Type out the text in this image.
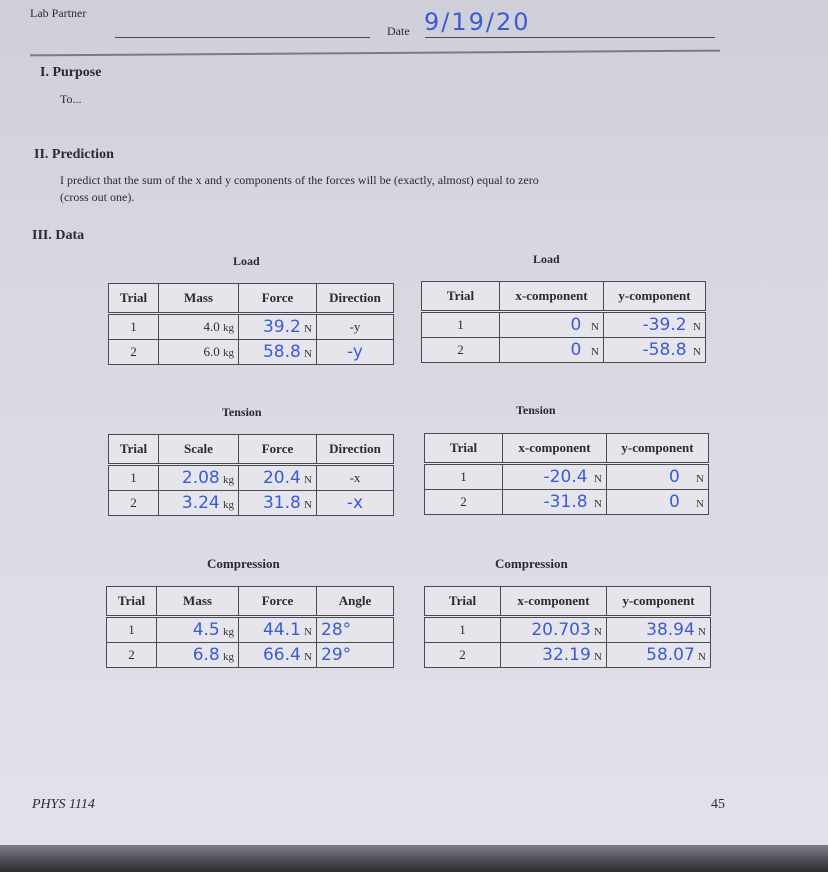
Lab Partner
Date 9/19/20
I. Purpose
To...
II. Prediction
I predict that the sum of the x and y components of the forces will be (exactly, almost) equal to zero
(cross out one).
III. Data
Load
Trial	Mass	Force	Direction
1	4.0 kg	39.2 N	-y
2	6.0 kg	58.8 N	-y
Load
Trial	x-component	y-component
1	0 N	-39.2 N
2	0 N	-58.8 N
Tension
Trial	Scale	Force	Direction
1	2.08 kg	20.4 N	-x
2	3.24 kg	31.8 N	-x
Tension
Trial	x-component	y-component
1	-20.4 N	0 N
2	-31.8 N	0 N
Compression
Trial	Mass	Force	Angle
1	4.5 kg	44.1 N	28°
2	6.8 kg	66.4 N	29°
Compression
Trial	x-component	y-component
1	20.703 N	38.94 N
2	32.19 N	58.07 N
PHYS 1114	45
